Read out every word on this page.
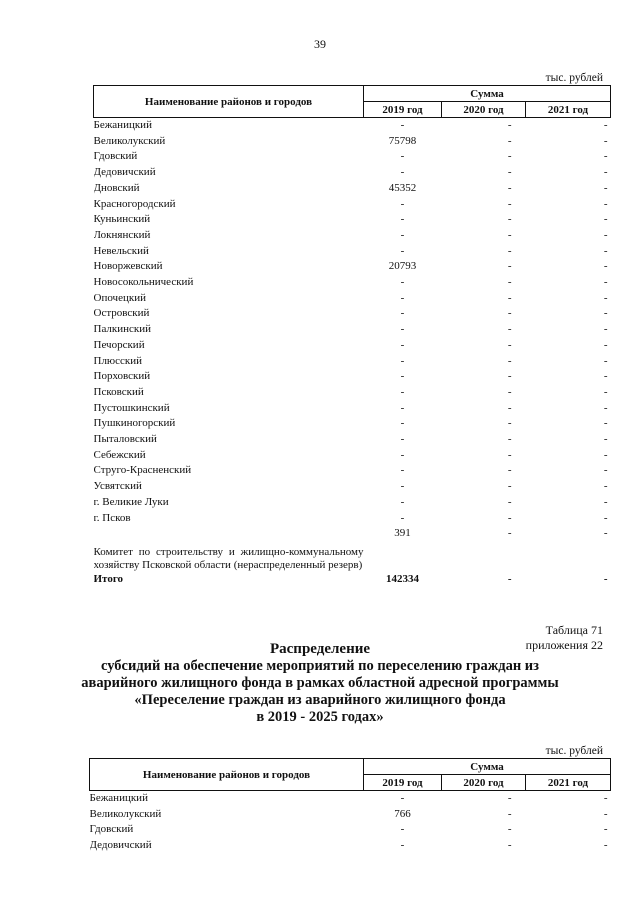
39
тыс. рублей
Наименование районов и городов	Сумма		
	2019 год	2020 год	2021 год
Бежаницкий	-	-	-
Великолукский	75798	-	-
Гдовский	-	-	-
Дедовичский	-	-	-
Дновский	45352	-	-
Красногородский	-	-	-
Куньинский	-	-	-
Локнянский	-	-	-
Невельский	-	-	-
Новоржевский	20793	-	-
Новосокольнический	-	-	-
Опочецкий	-	-	-
Островский	-	-	-
Палкинский	-	-	-
Печорский	-	-	-
Плюсский	-	-	-
Порховский	-	-	-
Псковский	-	-	-
Пустошкинский	-	-	-
Пушкиногорский	-	-	-
Пыталовский	-	-	-
Себежский	-	-	-
Струго-Красненский	-	-	-
Усвятский	-	-	-
г. Великие Луки	-	-	-
г. Псков	-	-	-
Комитет по строительству и жилищно-коммунальному хозяйству Псковской области (нераспределенный резерв)	391	-	-
Итого	142334	-	-
Таблица 71
приложения 22
Распределение
субсидий на обеспечение мероприятий по переселению граждан из
аварийного жилищного фонда в рамках областной адресной программы
«Переселение граждан из аварийного жилищного фонда
в 2019 - 2025 годах»
тыс. рублей
Наименование районов и городов	Сумма		
	2019 год	2020 год	2021 год
Бежаницкий	-	-	-
Великолукский	766	-	-
Гдовский	-	-	-
Дедовичский	-	-	-
